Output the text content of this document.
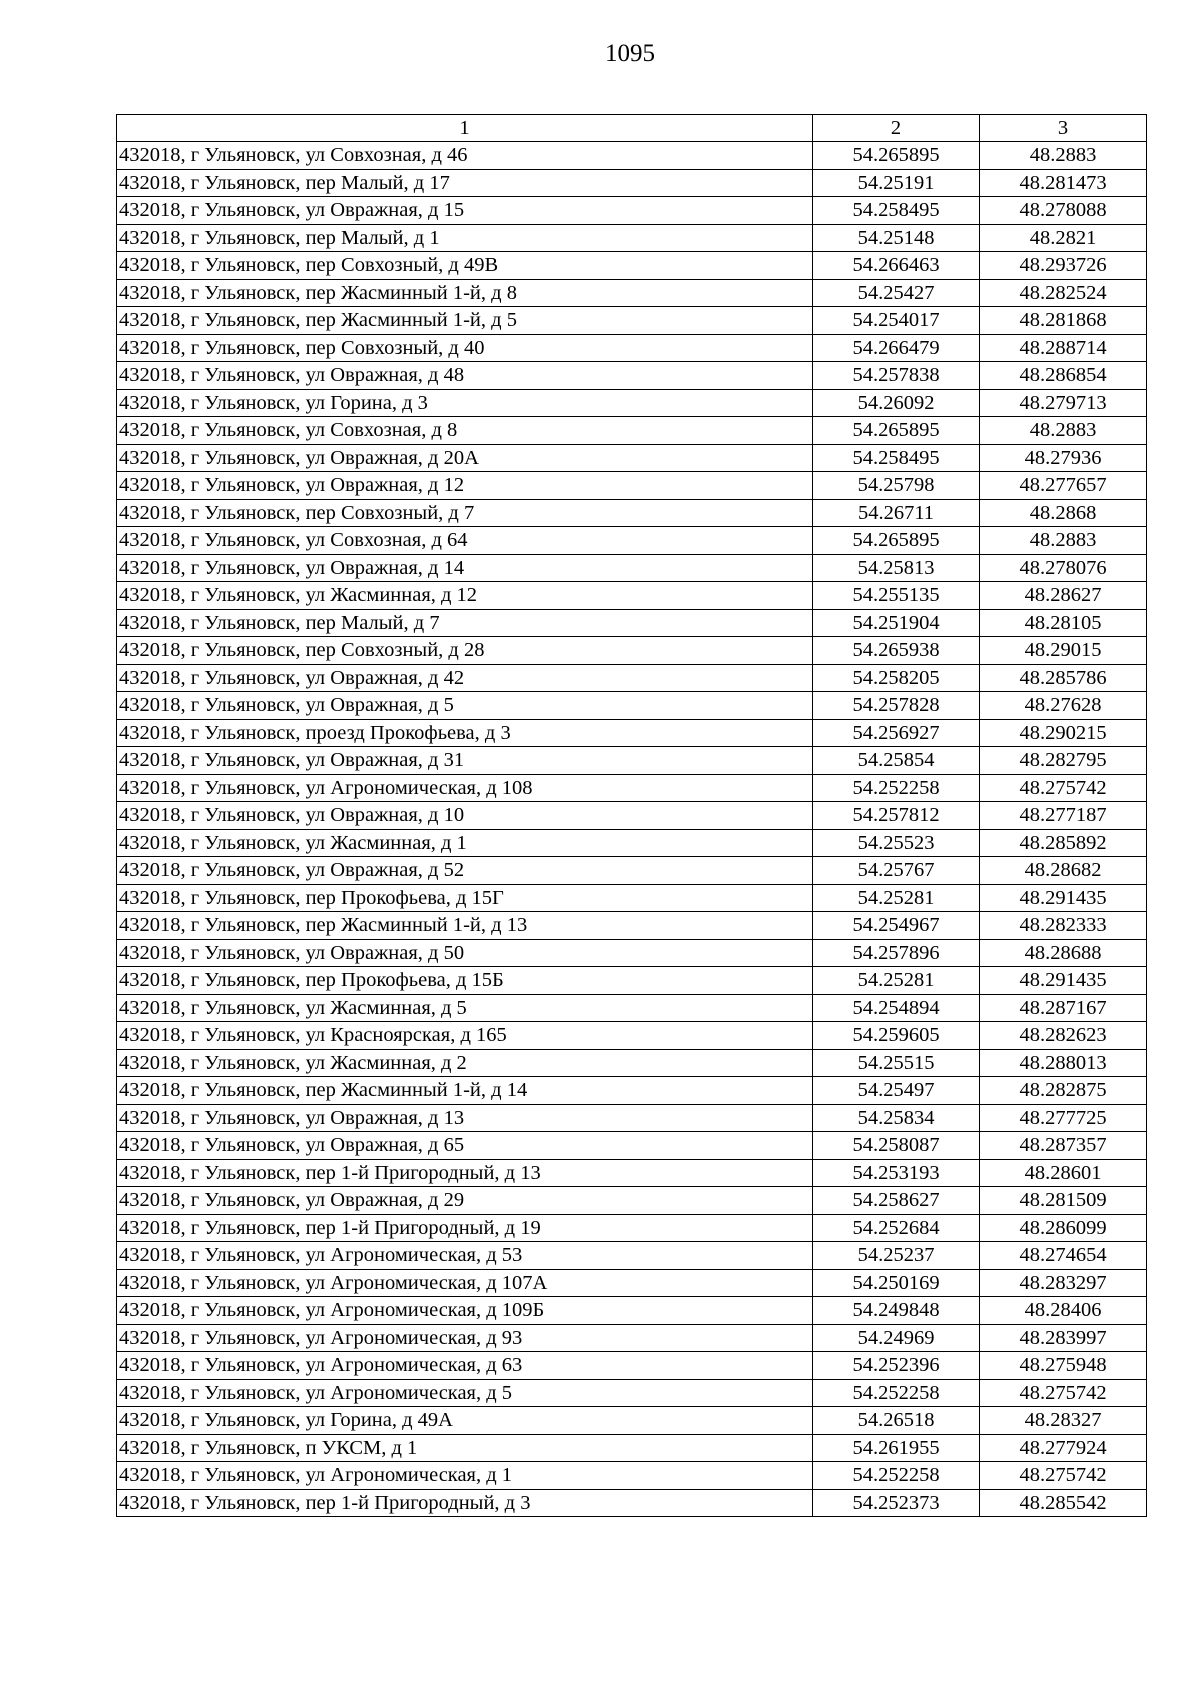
1095
1	2	3
432018, г Ульяновск, ул Совхозная, д 46	54.265895	48.2883
432018, г Ульяновск, пер Малый, д 17	54.25191	48.281473
432018, г Ульяновск, ул Овражная, д 15	54.258495	48.278088
432018, г Ульяновск, пер Малый, д 1	54.25148	48.2821
432018, г Ульяновск, пер Совхозный, д 49В	54.266463	48.293726
432018, г Ульяновск, пер Жасминный 1-й, д 8	54.25427	48.282524
432018, г Ульяновск, пер Жасминный 1-й, д 5	54.254017	48.281868
432018, г Ульяновск, пер Совхозный, д 40	54.266479	48.288714
432018, г Ульяновск, ул Овражная, д 48	54.257838	48.286854
432018, г Ульяновск, ул Горина, д 3	54.26092	48.279713
432018, г Ульяновск, ул Совхозная, д 8	54.265895	48.2883
432018, г Ульяновск, ул Овражная, д 20А	54.258495	48.27936
432018, г Ульяновск, ул Овражная, д 12	54.25798	48.277657
432018, г Ульяновск, пер Совхозный, д 7	54.26711	48.2868
432018, г Ульяновск, ул Совхозная, д 64	54.265895	48.2883
432018, г Ульяновск, ул Овражная, д 14	54.25813	48.278076
432018, г Ульяновск, ул Жасминная, д 12	54.255135	48.28627
432018, г Ульяновск, пер Малый, д 7	54.251904	48.28105
432018, г Ульяновск, пер Совхозный, д 28	54.265938	48.29015
432018, г Ульяновск, ул Овражная, д 42	54.258205	48.285786
432018, г Ульяновск, ул Овражная, д 5	54.257828	48.27628
432018, г Ульяновск, проезд Прокофьева, д 3	54.256927	48.290215
432018, г Ульяновск, ул Овражная, д 31	54.25854	48.282795
432018, г Ульяновск, ул Агрономическая, д 108	54.252258	48.275742
432018, г Ульяновск, ул Овражная, д 10	54.257812	48.277187
432018, г Ульяновск, ул Жасминная, д 1	54.25523	48.285892
432018, г Ульяновск, ул Овражная, д 52	54.25767	48.28682
432018, г Ульяновск, пер Прокофьева, д 15Г	54.25281	48.291435
432018, г Ульяновск, пер Жасминный 1-й, д 13	54.254967	48.282333
432018, г Ульяновск, ул Овражная, д 50	54.257896	48.28688
432018, г Ульяновск, пер Прокофьева, д 15Б	54.25281	48.291435
432018, г Ульяновск, ул Жасминная, д 5	54.254894	48.287167
432018, г Ульяновск, ул Красноярская, д 165	54.259605	48.282623
432018, г Ульяновск, ул Жасминная, д 2	54.25515	48.288013
432018, г Ульяновск, пер Жасминный 1-й, д 14	54.25497	48.282875
432018, г Ульяновск, ул Овражная, д 13	54.25834	48.277725
432018, г Ульяновск, ул Овражная, д 65	54.258087	48.287357
432018, г Ульяновск, пер 1-й Пригородный, д 13	54.253193	48.28601
432018, г Ульяновск, ул Овражная, д 29	54.258627	48.281509
432018, г Ульяновск, пер 1-й Пригородный, д 19	54.252684	48.286099
432018, г Ульяновск, ул Агрономическая, д 53	54.25237	48.274654
432018, г Ульяновск, ул Агрономическая, д 107А	54.250169	48.283297
432018, г Ульяновск, ул Агрономическая, д 109Б	54.249848	48.28406
432018, г Ульяновск, ул Агрономическая, д 93	54.24969	48.283997
432018, г Ульяновск, ул Агрономическая, д 63	54.252396	48.275948
432018, г Ульяновск, ул Агрономическая, д 5	54.252258	48.275742
432018, г Ульяновск, ул Горина, д 49А	54.26518	48.28327
432018, г Ульяновск, п УКСМ, д 1	54.261955	48.277924
432018, г Ульяновск, ул Агрономическая, д 1	54.252258	48.275742
432018, г Ульяновск, пер 1-й Пригородный, д 3	54.252373	48.285542
